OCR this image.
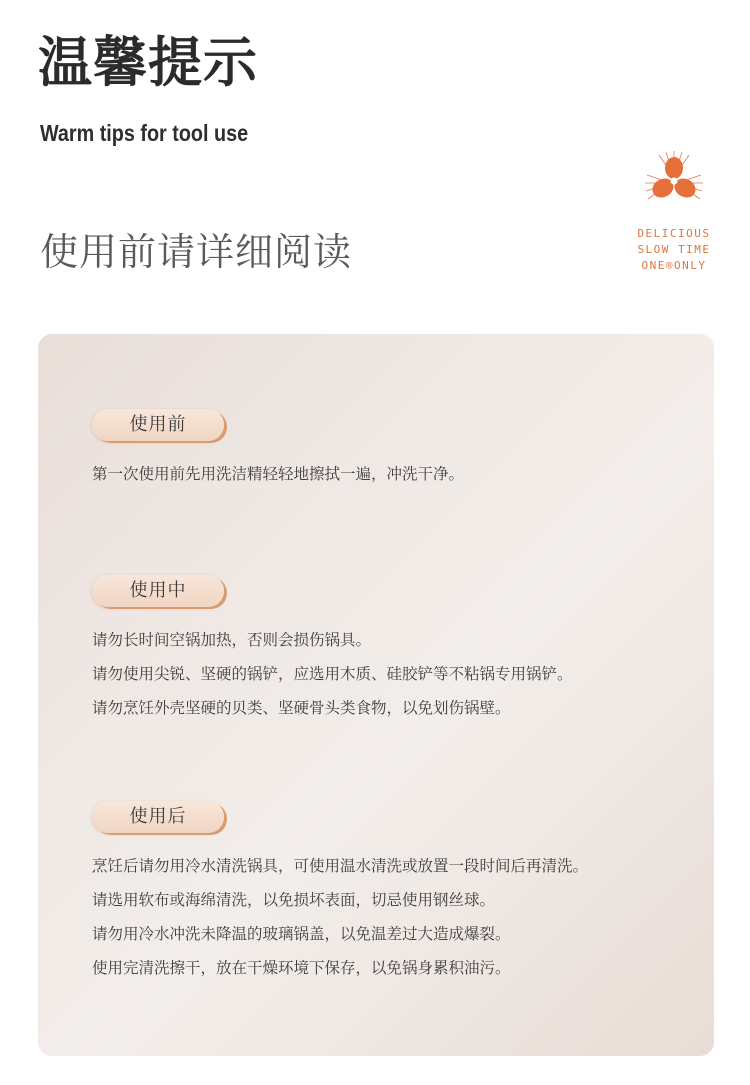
温馨提示
Warm tips for tool use
使用前请详细阅读	DELICIOUS
SLOW TIME
ONE®ONLY
使用前

第一次使用前先用洗洁精轻轻地擦拭一遍，冲洗干净。

使用中

请勿长时间空锅加热，否则会损伤锅具。

请勿使用尖锐、坚硬的锅铲，应选用木质、硅胶铲等不粘锅专用锅铲。

请勿烹饪外壳坚硬的贝类、坚硬骨头类食物，以免划伤锅壁。

使用后

烹饪后请勿用冷水清洗锅具，可使用温水清洗或放置一段时间后再清洗。

请选用软布或海绵清洗，以免损坏表面，切忌使用钢丝球。

请勿用冷水冲洗未降温的玻璃锅盖，以免温差过大造成爆裂。

使用完清洗擦干，放在干燥环境下保存，以免锅身累积油污。
